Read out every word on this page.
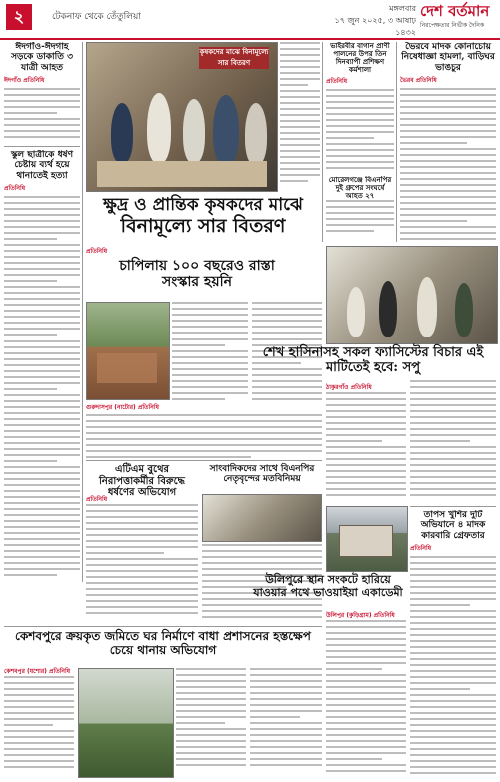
২	টেকনাফ থেকে তেঁতুলিয়া
মঙ্গলবার
১৭ জুন ২০২৫, ৩ আষাঢ় ১৪৩২
দেশ বর্তমান
নিরপেক্ষতার নির্ভীক দৈনিক
ঈদগাঁও-ঈদগাহ সড়কে ডাকাতি ৩ যাত্রী আহত
ঈদগাঁও প্রতিনিধি
স্কুল ছাত্রীকে ধর্ষণ চেষ্টায় ব্যর্থ হয়ে থানাতেই হত্যা
প্রতিনিধি
কৃষকদের মাঝে বিনামূল্যে সার বিতরণ
ক্ষুদ্র ও প্রান্তিক কৃষকদের মাঝে
বিনামূল্যে সার বিতরণ
প্রতিনিধি
চাপিলায় ১০০ বছরেও রাস্তা সংস্কার হয়নি
গুরুদাসপুর (নাটোর) প্রতিনিধি
এটিএম বুথের নিরাপত্তাকর্মীর বিরুদ্ধে ধর্ষণের অভিযোগ
প্রতিনিধি
সাংবাদিকদের সাথে বিএনপির নেতৃবৃন্দের মতবিনিময়
কেশবপুরে ক্রয়কৃত জমিতে ঘর নির্মাণে বাধা প্রশাসনের হস্তক্ষেপ চেয়ে থানায় অভিযোগ
কেশবপুর (যশোর) প্রতিনিধি
ভাইরবীর বাগান প্রাণী পালনের উপর তিন দিনব্যাপী প্রশিক্ষণ কর্মশালা
প্রতিনিধি
ভৈরবে মাদক কোনাচোয় নিষেধাজ্ঞা হামলা, বাড়িঘর ভাঙচুর
ভৈরব প্রতিনিধি
মোরেলগঞ্জে বিএনপির দুই গ্রুপের সংঘর্ষে আহত ২৭
শেখ হাসিনাসহ সকল ফ্যাসিস্টের বিচার এই মাটিতেই হবে: সপু
ঠাকুরগাঁও প্রতিনিধি
তাপস খুশির দুটি অভিযানে ৪ মাদক কারবারি গ্রেফতার
প্রতিনিধি
উলিপুরে স্থান সংকটে হারিয়ে যাওয়ার পথে ভাওয়াইয়া একাডেমী
উলিপুর (কুড়িগ্রাম) প্রতিনিধি
